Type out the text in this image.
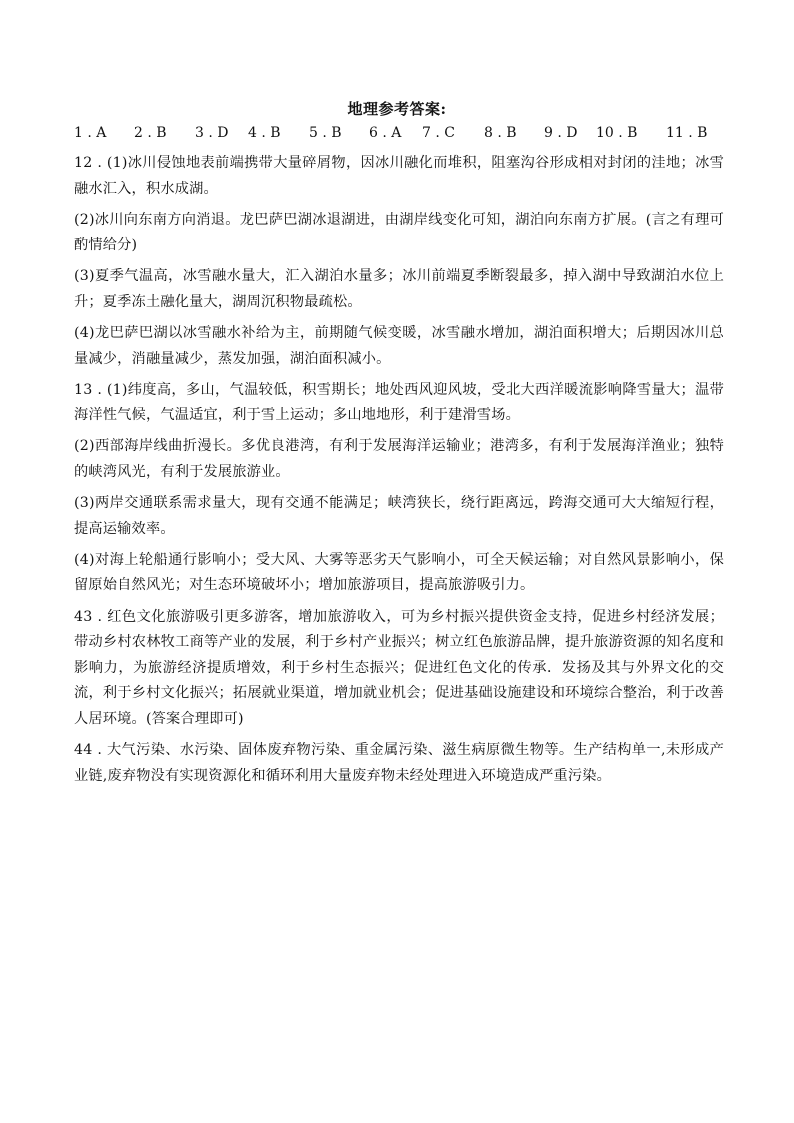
地理参考答案:
1 . A	2 . B	3 . D	4 . B	5 . B	6 . A	7 . C	8 . B	9 . D	10 . B	11 . B

12 . (1)冰川侵蚀地表前端携带大量碎屑物，因冰川融化而堆积，阻塞沟谷形成相对封闭的洼地；冰雪融水汇入，积水成湖。

(2)冰川向东南方向消退。龙巴萨巴湖冰退湖进，由湖岸线变化可知，湖泊向东南方扩展。(言之有理可酌情给分)

(3)夏季气温高，冰雪融水量大，汇入湖泊水量多；冰川前端夏季断裂最多，掉入湖中导致湖泊水位上升；夏季冻土融化量大，湖周沉积物最疏松。

(4)龙巴萨巴湖以冰雪融水补给为主，前期随气候变暖，冰雪融水增加，湖泊面积增大；后期因冰川总量减少，消融量减少，蒸发加强，湖泊面积减小。

13 . (1)纬度高，多山，气温较低，积雪期长；地处西风迎风坡，受北大西洋暖流影响降雪量大；温带海洋性气候，气温适宜，利于雪上运动；多山地地形，利于建滑雪场。

(2)西部海岸线曲折漫长。多优良港湾，有利于发展海洋运输业；港湾多，有利于发展海洋渔业；独特的峡湾风光，有利于发展旅游业。

(3)两岸交通联系需求量大，现有交通不能满足；峡湾狭长，绕行距离远，跨海交通可大大缩短行程，提高运输效率。

(4)对海上轮船通行影响小；受大风、大雾等恶劣天气影响小，可全天候运输；对自然风景影响小，保留原始自然风光；对生态环境破坏小；增加旅游项目，提高旅游吸引力。

43 . 红色文化旅游吸引更多游客，增加旅游收入，可为乡村振兴提供资金支持，促进乡村经济发展；带动乡村农林牧工商等产业的发展，利于乡村产业振兴；树立红色旅游品牌，提升旅游资源的知名度和影响力，为旅游经济提质增效，利于乡村生态振兴；促进红色文化的传承．发扬及其与外界文化的交流，利于乡村文化振兴；拓展就业渠道，增加就业机会；促进基础设施建设和环境综合整治，利于改善人居环境。(答案合理即可)

44 . 大气污染、水污染、固体废弃物污染、重金属污染、滋生病原微生物等。生产结构单一,未形成产业链,废弃物没有实现资源化和循环利用大量废弃物未经处理进入环境造成严重污染。
